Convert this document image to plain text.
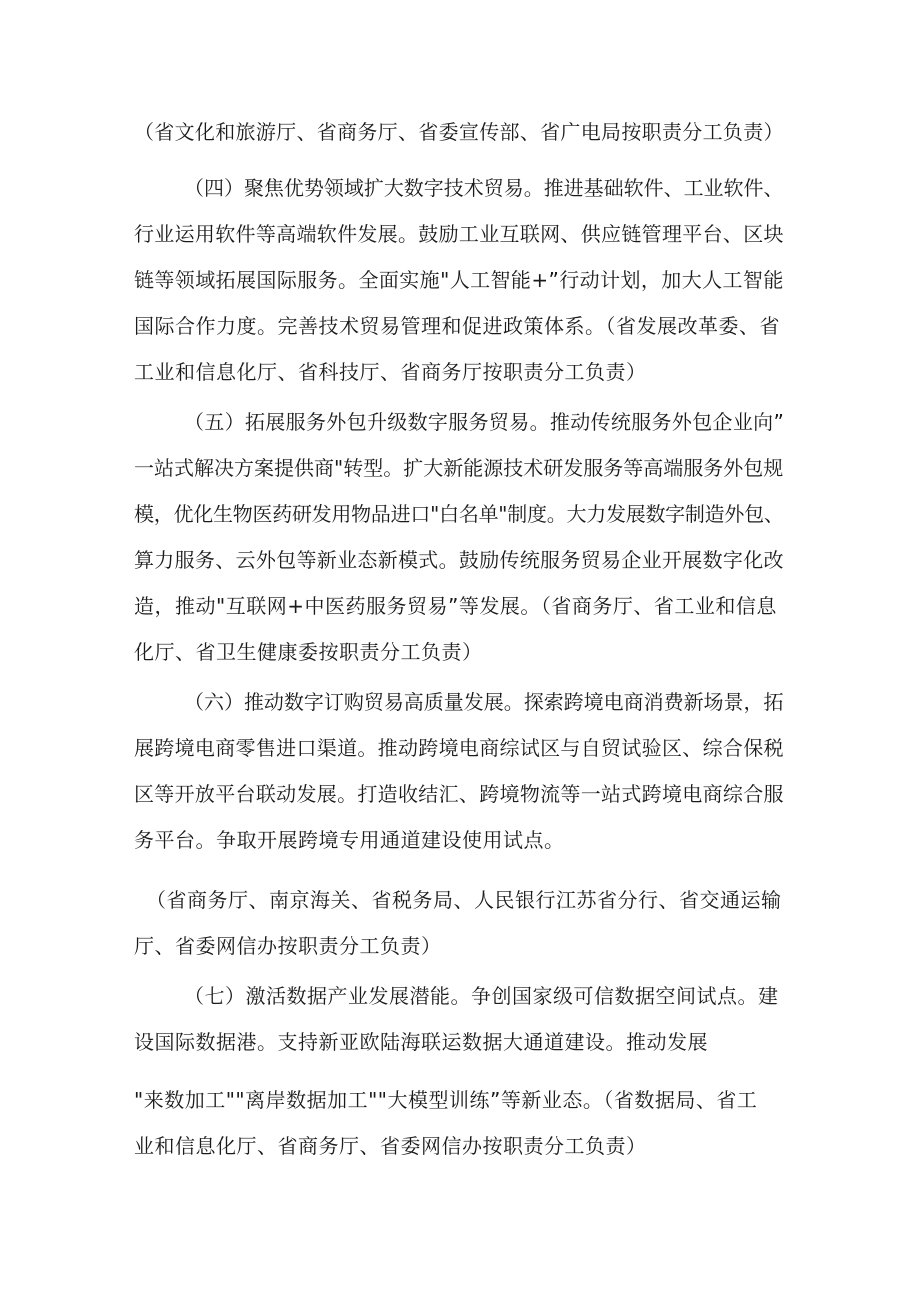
（省文化和旅游厅、省商务厅、省委宣传部、省广电局按职责分工负责）

（四）聚焦优势领域扩大数字技术贸易。推进基础软件、工业软件、

行业运用软件等高端软件发展。鼓励工业互联网、供应链管理平台、区块

链等领域拓展国际服务。全面实施"人工智能+”行动计划，加大人工智能

国际合作力度。完善技术贸易管理和促进政策体系。（省发展改革委、省

工业和信息化厅、省科技厅、省商务厅按职责分工负责）

（五）拓展服务外包升级数字服务贸易。推动传统服务外包企业向”

一站式解决方案提供商"转型。扩大新能源技术研发服务等高端服务外包规

模，优化生物医药研发用物品进口"白名单"制度。大力发展数字制造外包、

算力服务、云外包等新业态新模式。鼓励传统服务贸易企业开展数字化改

造，推动"互联网+中医药服务贸易”等发展。（省商务厅、省工业和信息

化厅、省卫生健康委按职责分工负责）

（六）推动数字订购贸易高质量发展。探索跨境电商消费新场景，拓

展跨境电商零售进口渠道。推动跨境电商综试区与自贸试验区、综合保税

区等开放平台联动发展。打造收结汇、跨境物流等一站式跨境电商综合服

务平台。争取开展跨境专用通道建设使用试点。

（省商务厅、南京海关、省税务局、人民银行江苏省分行、省交通运输

厅、省委网信办按职责分工负责）

（七）激活数据产业发展潜能。争创国家级可信数据空间试点。建

设国际数据港。支持新亚欧陆海联运数据大通道建设。推动发展

"来数加工""离岸数据加工""大模型训练”等新业态。（省数据局、省工

业和信息化厅、省商务厅、省委网信办按职责分工负责）
